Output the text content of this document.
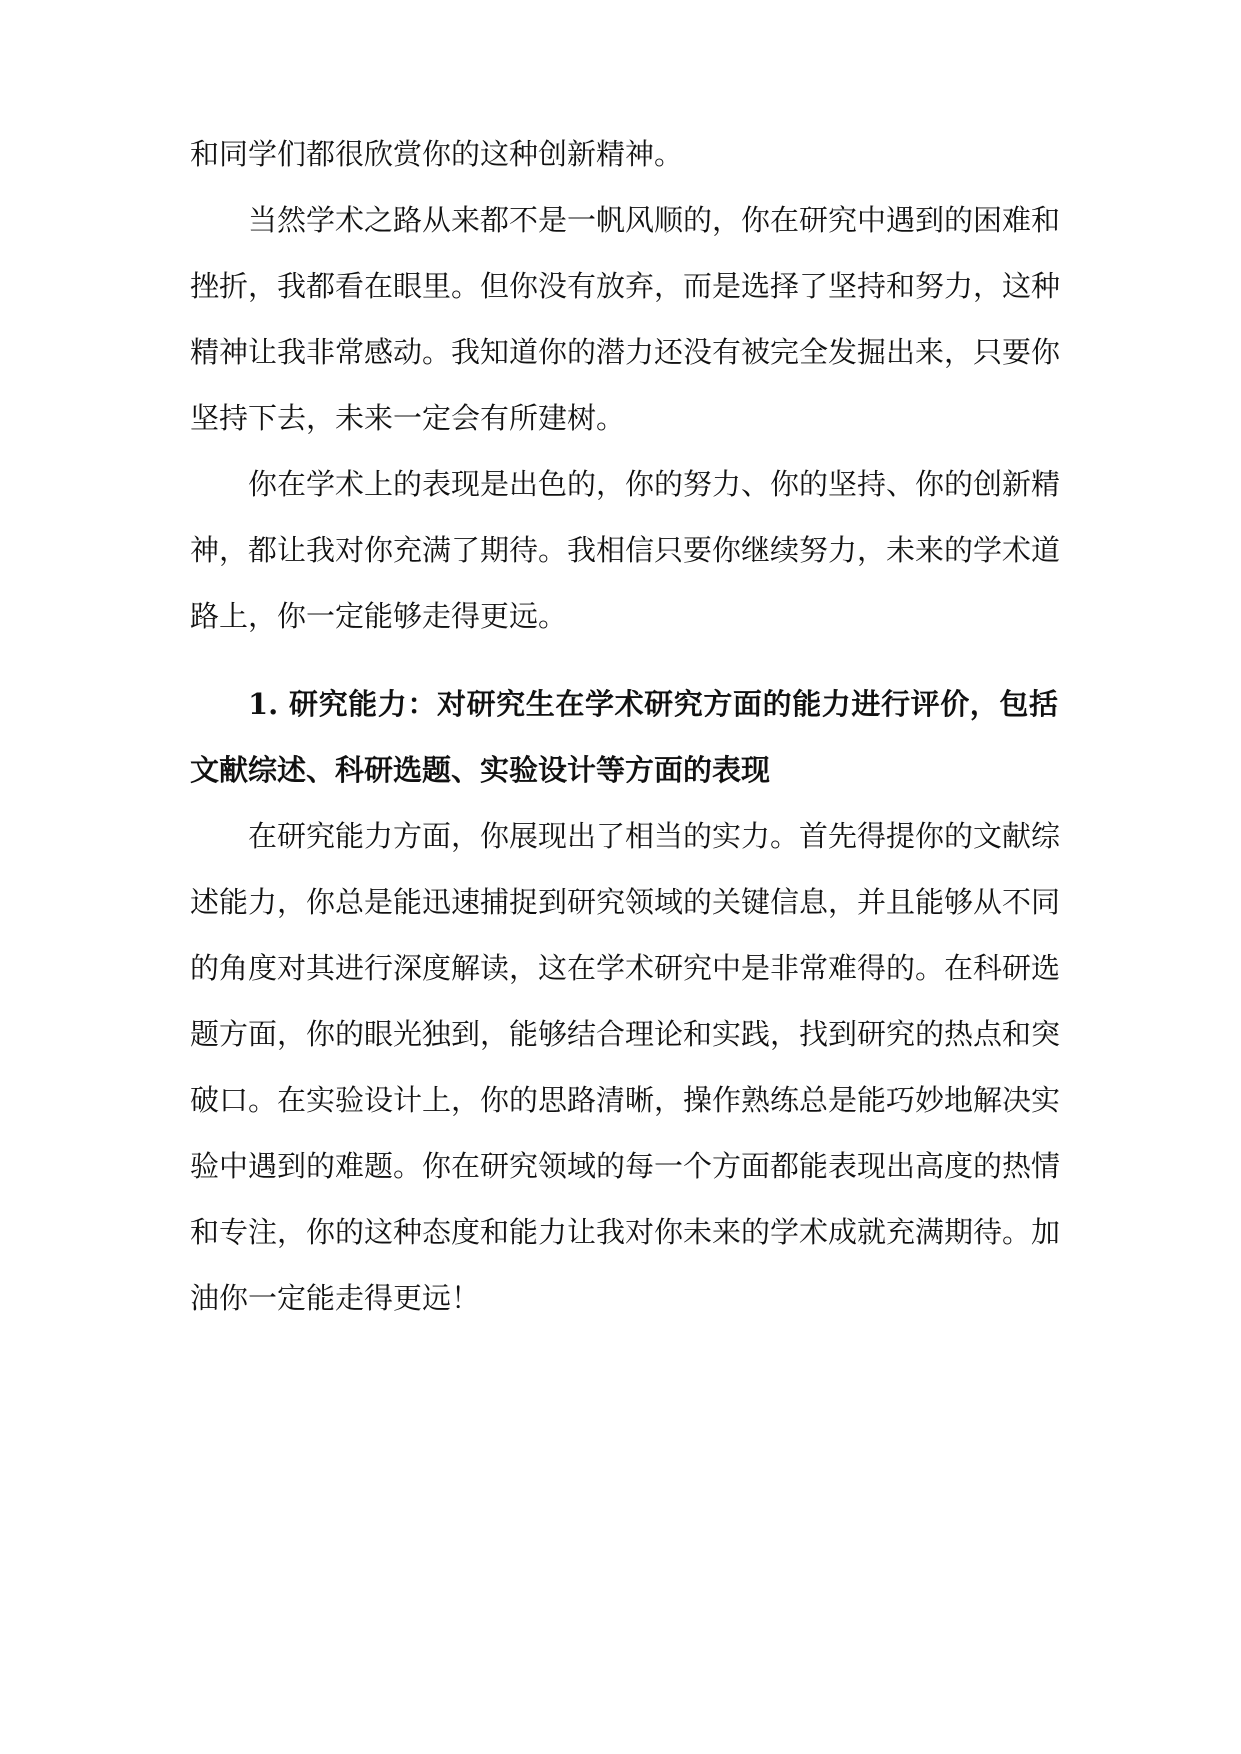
和同学们都很欣赏你的这种创新精神。
当然学术之路从来都不是一帆风顺的，你在研究中遇到的困难和
挫折，我都看在眼里。但你没有放弃，而是选择了坚持和努力，这种
精神让我非常感动。我知道你的潜力还没有被完全发掘出来，只要你
坚持下去，未来一定会有所建树。
你在学术上的表现是出色的，你的努力、你的坚持、你的创新精
神，都让我对你充满了期待。我相信只要你继续努力，未来的学术道
路上，你一定能够走得更远。
1. 研究能力：对研究生在学术研究方面的能力进行评价，包括
文献综述、科研选题、实验设计等方面的表现
在研究能力方面，你展现出了相当的实力。首先得提你的文献综
述能力，你总是能迅速捕捉到研究领域的关键信息，并且能够从不同
的角度对其进行深度解读，这在学术研究中是非常难得的。在科研选
题方面，你的眼光独到，能够结合理论和实践，找到研究的热点和突
破口。在实验设计上，你的思路清晰，操作熟练总是能巧妙地解决实
验中遇到的难题。你在研究领域的每一个方面都能表现出高度的热情
和专注，你的这种态度和能力让我对你未来的学术成就充满期待。加
油你一定能走得更远！
